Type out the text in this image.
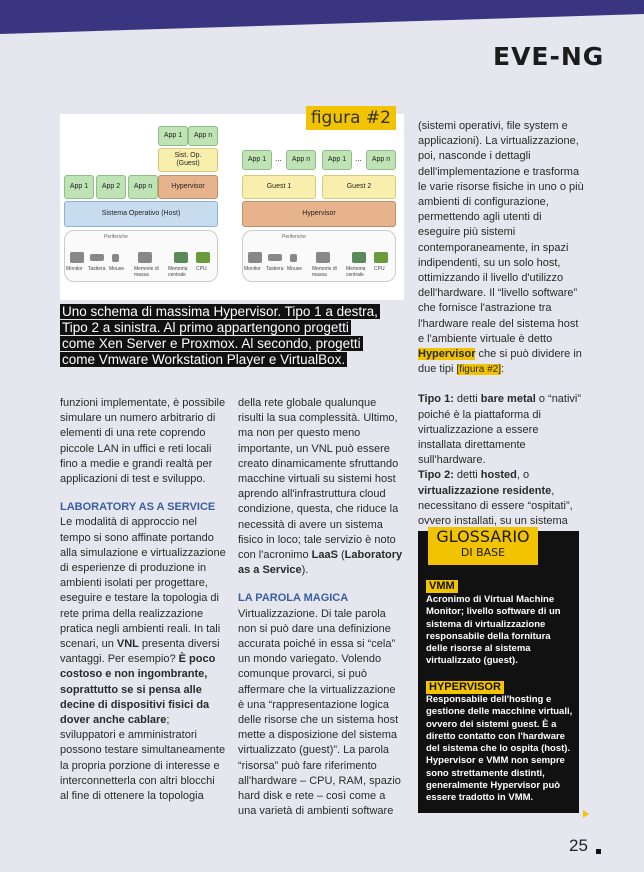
EVE-NG
figura #2
App 1	App n
Sist. Op.
(Guest)
App 1	App 2	App n	Hypervisor
Sistema Operativo (Host)
Periferiche
Monitor Tastiera Mouse Memorie di massa
Memoria centrale
CPU
App 1	...	App n	App 1	...	App n
Guest 1	Guest 2
Hypervisor
Periferiche
Monitor Tastiera Mouse Memorie di massa
Memoria centrale
CPU
Uno schema di massima Hypervisor. Tipo 1 a destra, Tipo 2 a sinistra. Al primo appartengono progetti come Xen Server e Proxmox. Al secondo, progetti come Vmware Workstation Player e VirtualBox.

funzioni implementate, è possibile simulare un numero arbitrario di elementi di una rete coprendo piccole LAN in uffici e reti locali fino a medie e grandi realtà per applicazioni di test e sviluppo.

LABORATORY AS A SERVICE

Le modalità di approccio nel tempo si sono affinate portando alla simulazione e virtualizzazione di esperienze di produzione in ambienti isolati per progettare, eseguire e testare la topologia di rete prima della realizzazione pratica negli ambienti reali. In tali scenari, un VNL presenta diversi vantaggi. Per esempio? È poco costoso e non ingombrante, soprattutto se si pensa alle decine di dispositivi fisici da dover anche cablare; sviluppatori e amministratori possono testare simultaneamente la propria porzione di interesse e interconnetterla con altri blocchi al fine di ottenere la topologia

della rete globale qualunque risulti la sua complessità. Ultimo, ma non per questo meno importante, un VNL può essere creato dinamicamente sfruttando macchine virtuali su sistemi host aprendo all'infrastruttura cloud condizione, questa, che riduce la necessità di avere un sistema fisico in loco; tale servizio è noto con l'acronimo LaaS (Laboratory as a Service).

LA PAROLA MAGICA

Virtualizzazione. Di tale parola non si può dare una definizione accurata poiché in essa si “cela” un mondo variegato. Volendo comunque provarci, si può affermare che la virtualizzazione è una “rappresentazione logica delle risorse che un sistema host mette a disposizione del sistema virtualizzato (guest)”. La parola “risorsa” può fare riferimento all'hardware – CPU, RAM, spazio hard disk e rete – così come a una varietà di ambienti software

(sistemi operativi, file system e applicazioni). La virtualizzazione, poi, nasconde i dettagli dell'implementazione e trasforma le varie risorse fisiche in uno o più ambienti di configurazione, permettendo agli utenti di eseguire più sistemi contemporaneamente, in spazi indipendenti, su un solo host, ottimizzando il livello d'utilizzo dell'hardware. Il “livello software” che fornisce l'astrazione tra l'hardware reale del sistema host e l'ambiente virtuale è detto Hypervisor che si può dividere in due tipi [figura #2]:

Tipo 1: detti bare metal o “nativi” poiché è la piattaforma di virtualizzazione a essere installata direttamente sull'hardware.

Tipo 2: detti hosted, o virtualizzazione residente, necessitano di essere “ospitati”, ovvero installati, su un sistema

GLOSSARIO
DI BASE
VMM
Acronimo di Virtual Machine Monitor; livello software di un sistema di virtualizzazione responsabile della fornitura delle risorse al sistema virtualizzato (guest).
HYPERVISOR
Responsabile dell'hosting e gestione delle macchine virtuali, ovvero dei sistemi guest. È a diretto contatto con l'hardware del sistema che lo ospita (host). Hypervisor e VMM non sempre sono strettamente distinti, generalmente Hypervisor può essere tradotto in VMM.
25
